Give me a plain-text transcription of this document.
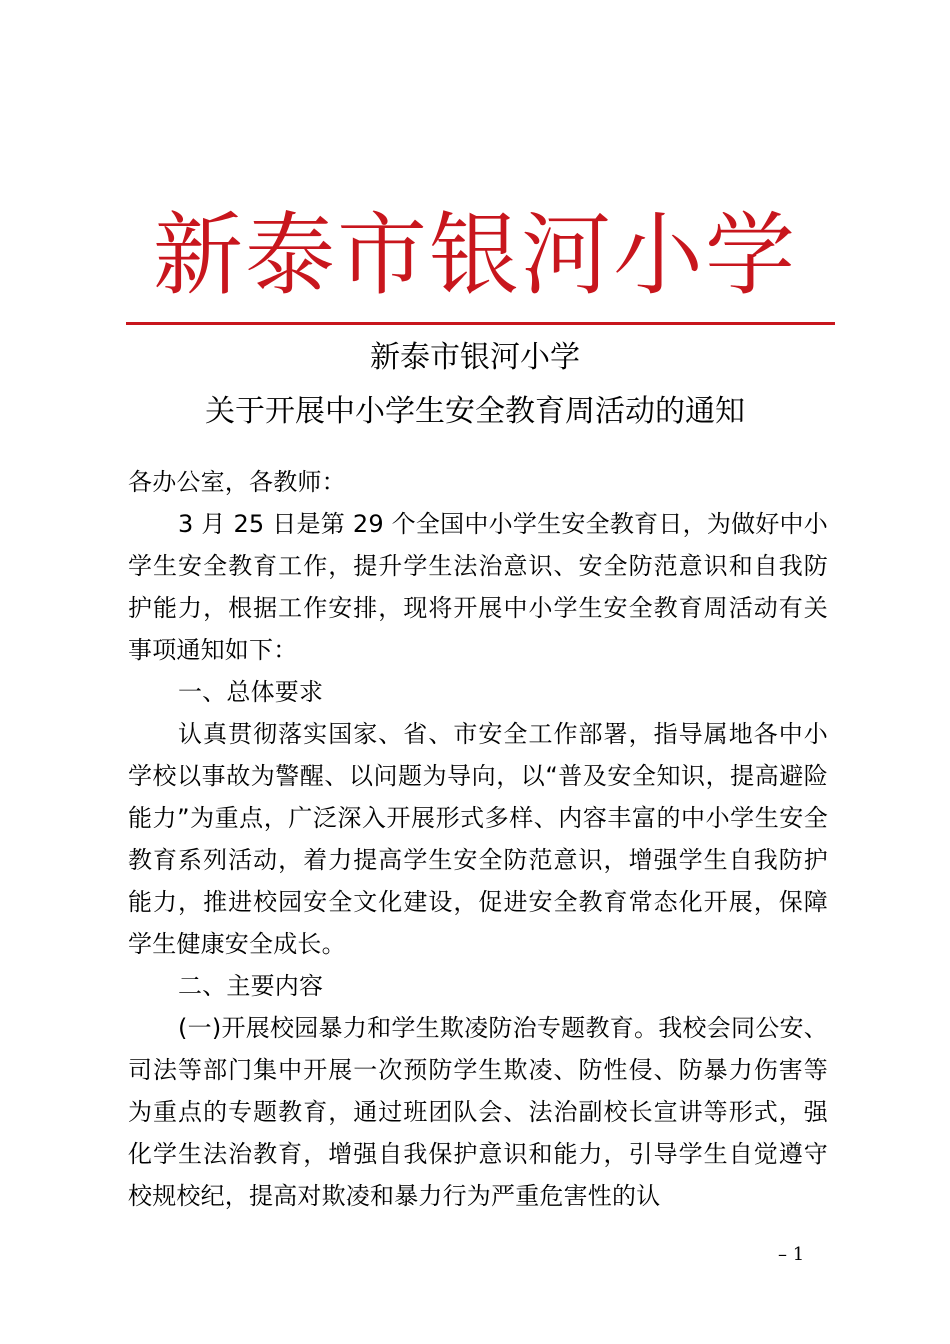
新泰市银河小学
新泰市银河小学
关于开展中小学生安全教育周活动的通知

各办公室，各教师：

3 月 25 日是第 29 个全国中小学生安全教育日，为做好中小学生安全教育工作，提升学生法治意识、安全防范意识和自我防护能力，根据工作安排，现将开展中小学生安全教育周活动有关事项通知如下：

一、总体要求

认真贯彻落实国家、省、市安全工作部署，指导属地各中小学校以事故为警醒、以问题为导向，以“普及安全知识，提高避险能力”为重点，广泛深入开展形式多样、内容丰富的中小学生安全教育系列活动，着力提高学生安全防范意识，增强学生自我防护能力，推进校园安全文化建设，促进安全教育常态化开展，保障学生健康安全成长。

二、主要内容

(一)开展校园暴力和学生欺凌防治专题教育。我校会同公安、司法等部门集中开展一次预防学生欺凌、防性侵、防暴力伤害等为重点的专题教育，通过班团队会、法治副校长宣讲等形式，强化学生法治教育，增强自我保护意识和能力，引导学生自觉遵守校规校纪，提高对欺凌和暴力行为严重危害性的认

– 1
